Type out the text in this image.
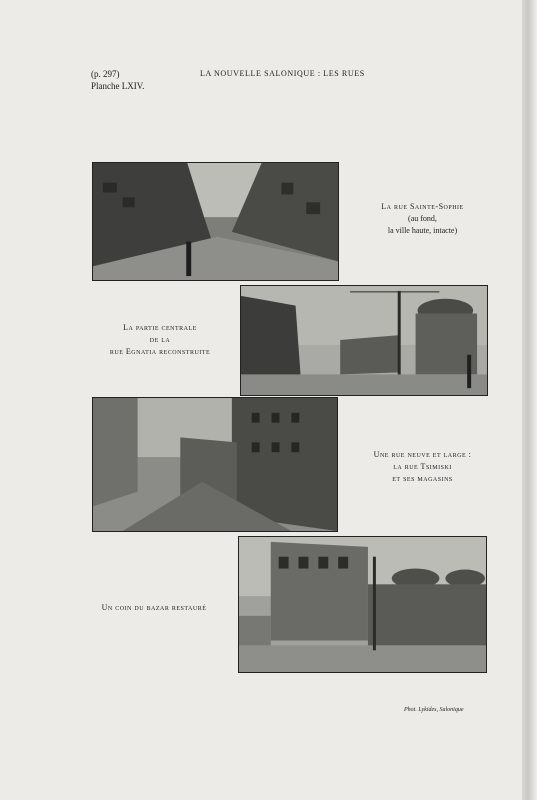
(p. 297)
Planche LXIV.
LA NOUVELLE SALONIQUE : LES RUES
La rue Sainte-Sophie
(au fond,
la ville haute, intacte)
La partie centrale
de la
rue Egnatia reconstruite
Une rue neuve et large :
la rue Tsimiski
et ses magasins
Un coin du bazar restauré
Phot. Lykides, Salonique
